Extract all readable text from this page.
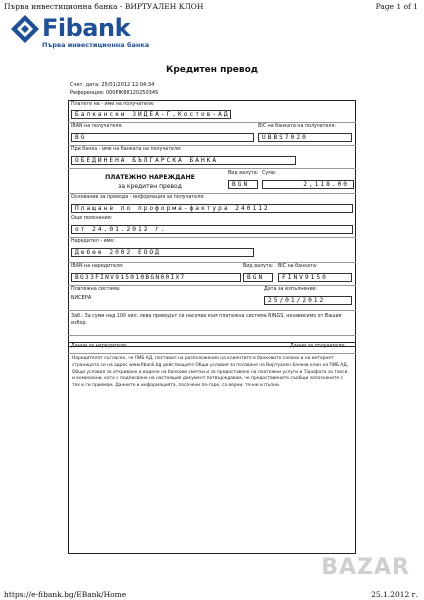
Първа инвестиционна банка - ВИРТУАЛЕН КЛОН	Page 1 of 1
Fibank
Първа инвестиционна банка
Кредитен превод
Счет. дата: 25/01/2012 12:04:34
Референция: 000PIK8812025034S
Платете на - име на получателя:
Балкански ЗИДЕА-Г.Костов-АД
IBAN на получателя:
BG
BIC на банката на получателя:
UBBS7020
При банка - име на банката на получателя:
ОБЕДИНЕНА БЪЛГАРСКА БАНКА
ПЛАТЕЖНО НАРЕЖДАНЕ
за кредитен превод
Вид валута:
BGN
Сума:
2,118.00
Основание за превода - информация за получателя:
Плащане по проформа-фактура 240112
Още пояснения:
от 24.01.2012 г.
Наредител - име:
Дебее 2002 ЕООД
IBAN на наредителя:
BG33FINV915010BGN00IX7
Вид валута:
BGN
BIC на банката:
FINV9150
Платежна система:
БИСЕРА
Дата за изпълнение:
25/01/2012
Заб.: За суми над 100 хил. лева преводът се насочва към платежна система RINGS, независимо от Вашия избор.
Данни за наредителя:	Данни за получателя:
Наредителят съгласен, че ПИБ АД, поставил на разположение на клиентите в банковите салони и на интернет страницата си на адрес www.fibank.bg действащите Общи условия за ползване на Виртуален банков клон на ПИБ АД, Общи условия за откриване и водене на банкови сметки и за предоставяне на платежни услуги и Тарифата за такси и комисиони, като с подписване на настоящия документ потвърждавам, че предоставените съобщи запознаните с тях и ги приемам. Данните и информацията, посочени по-горе, са верни, точни и пълни.
BAZAR
https://e-fibank.bg/EBank/Home	25.1.2012 г.
